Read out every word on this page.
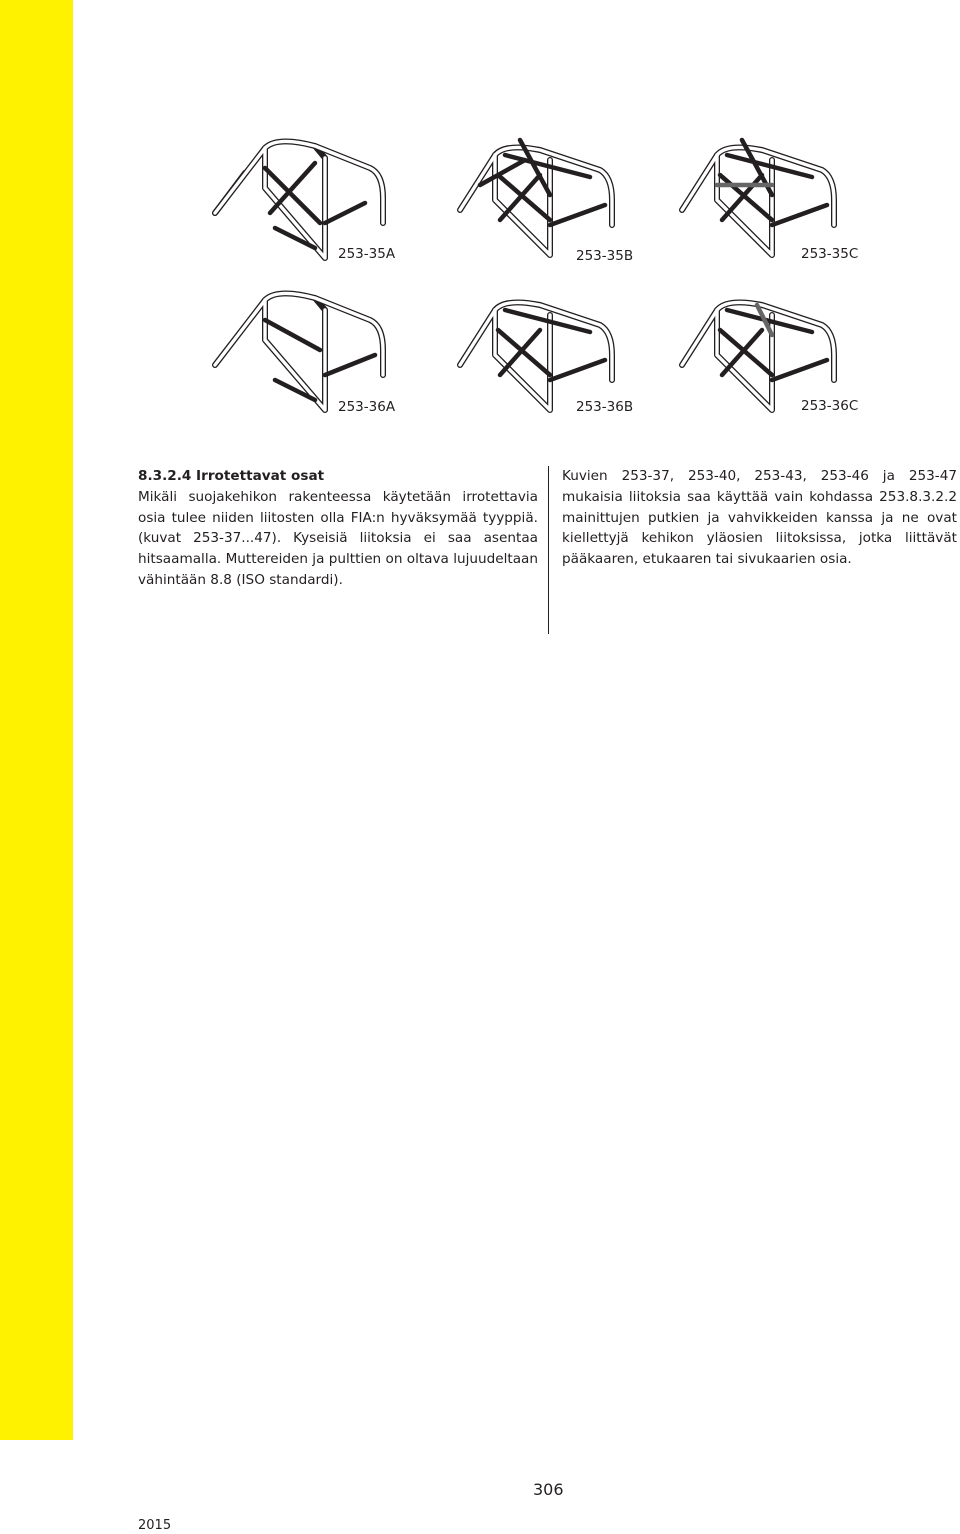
253-35A	253-35B	253-35C
253-36A	253-36B	253-36C
8.3.2.4 Irrotettavat osat

Mikäli suojakehikon rakenteessa käytetään irrotettavia osia tulee niiden liitosten olla FIA:n hyväksymää tyyppiä. (kuvat 253-37...47). Kyseisiä liitoksia ei saa asentaa hitsaamalla. Muttereiden ja pulttien on oltava lujuudeltaan vähintään 8.8 (ISO standardi).

Kuvien 253-37, 253-40, 253-43, 253-46 ja 253-47 mukaisia liitoksia saa käyttää vain kohdassa 253.8.3.2.2 mainittujen putkien ja vahvikkeiden kanssa ja ne ovat kiellettyjä kehikon yläosien liitoksissa, jotka liittävät pääkaaren, etukaaren tai sivukaarien osia.

306
2015
